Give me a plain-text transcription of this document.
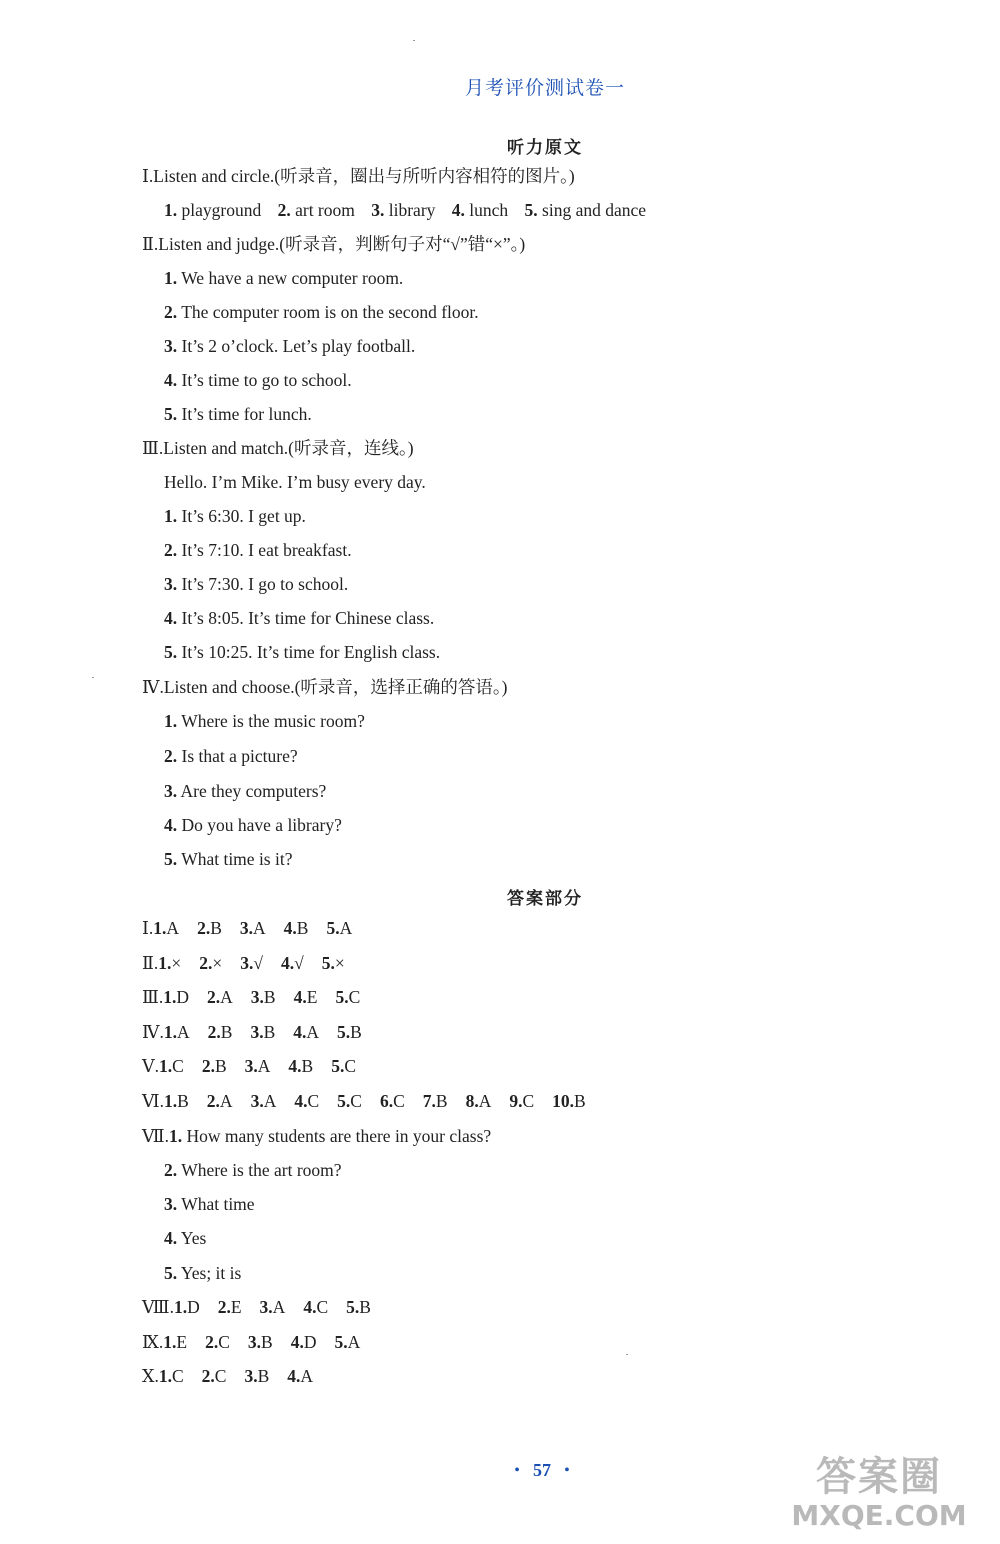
月考评价测试卷一
听力原文
Ⅰ.Listen and circle.(听录音，圈出与所听内容相符的图片。)
1. playground 2. art room 3. library 4. lunch 5. sing and dance
Ⅱ.Listen and judge.(听录音，判断句子对“√”错“×”。)
1. We have a new computer room.
2. The computer room is on the second floor.
3. It’s 2 o’clock. Let’s play football.
4. It’s time to go to school.
5. It’s time for lunch.
Ⅲ.Listen and match.(听录音，连线。)
Hello. I’m Mike. I’m busy every day.
1. It’s 6:30. I get up.
2. It’s 7:10. I eat breakfast.
3. It’s 7:30. I go to school.
4. It’s 8:05. It’s time for Chinese class.
5. It’s 10:25. It’s time for English class.
Ⅳ.Listen and choose.(听录音，选择正确的答语。)
1. Where is the music room?
2. Is that a picture?
3. Are they computers?
4. Do you have a library?
5. What time is it?
答案部分
Ⅰ.1.A 2.B 3.A 4.B 5.A
Ⅱ.1.× 2.× 3.√ 4.√ 5.×
Ⅲ.1.D 2.A 3.B 4.E 5.C
Ⅳ.1.A 2.B 3.B 4.A 5.B
Ⅴ.1.C 2.B 3.A 4.B 5.C
Ⅵ.1.B 2.A 3.A 4.C 5.C 6.C 7.B 8.A 9.C 10.B
Ⅶ.1. How many students are there in your class?
2. Where is the art room?
3. What time
4. Yes
5. Yes; it is
Ⅷ.1.D 2.E 3.A 4.C 5.B
Ⅸ.1.E 2.C 3.B 4.D 5.A
Ⅹ.1.C 2.C 3.B 4.A
• 57 •	答案圈
MXQE.COM
